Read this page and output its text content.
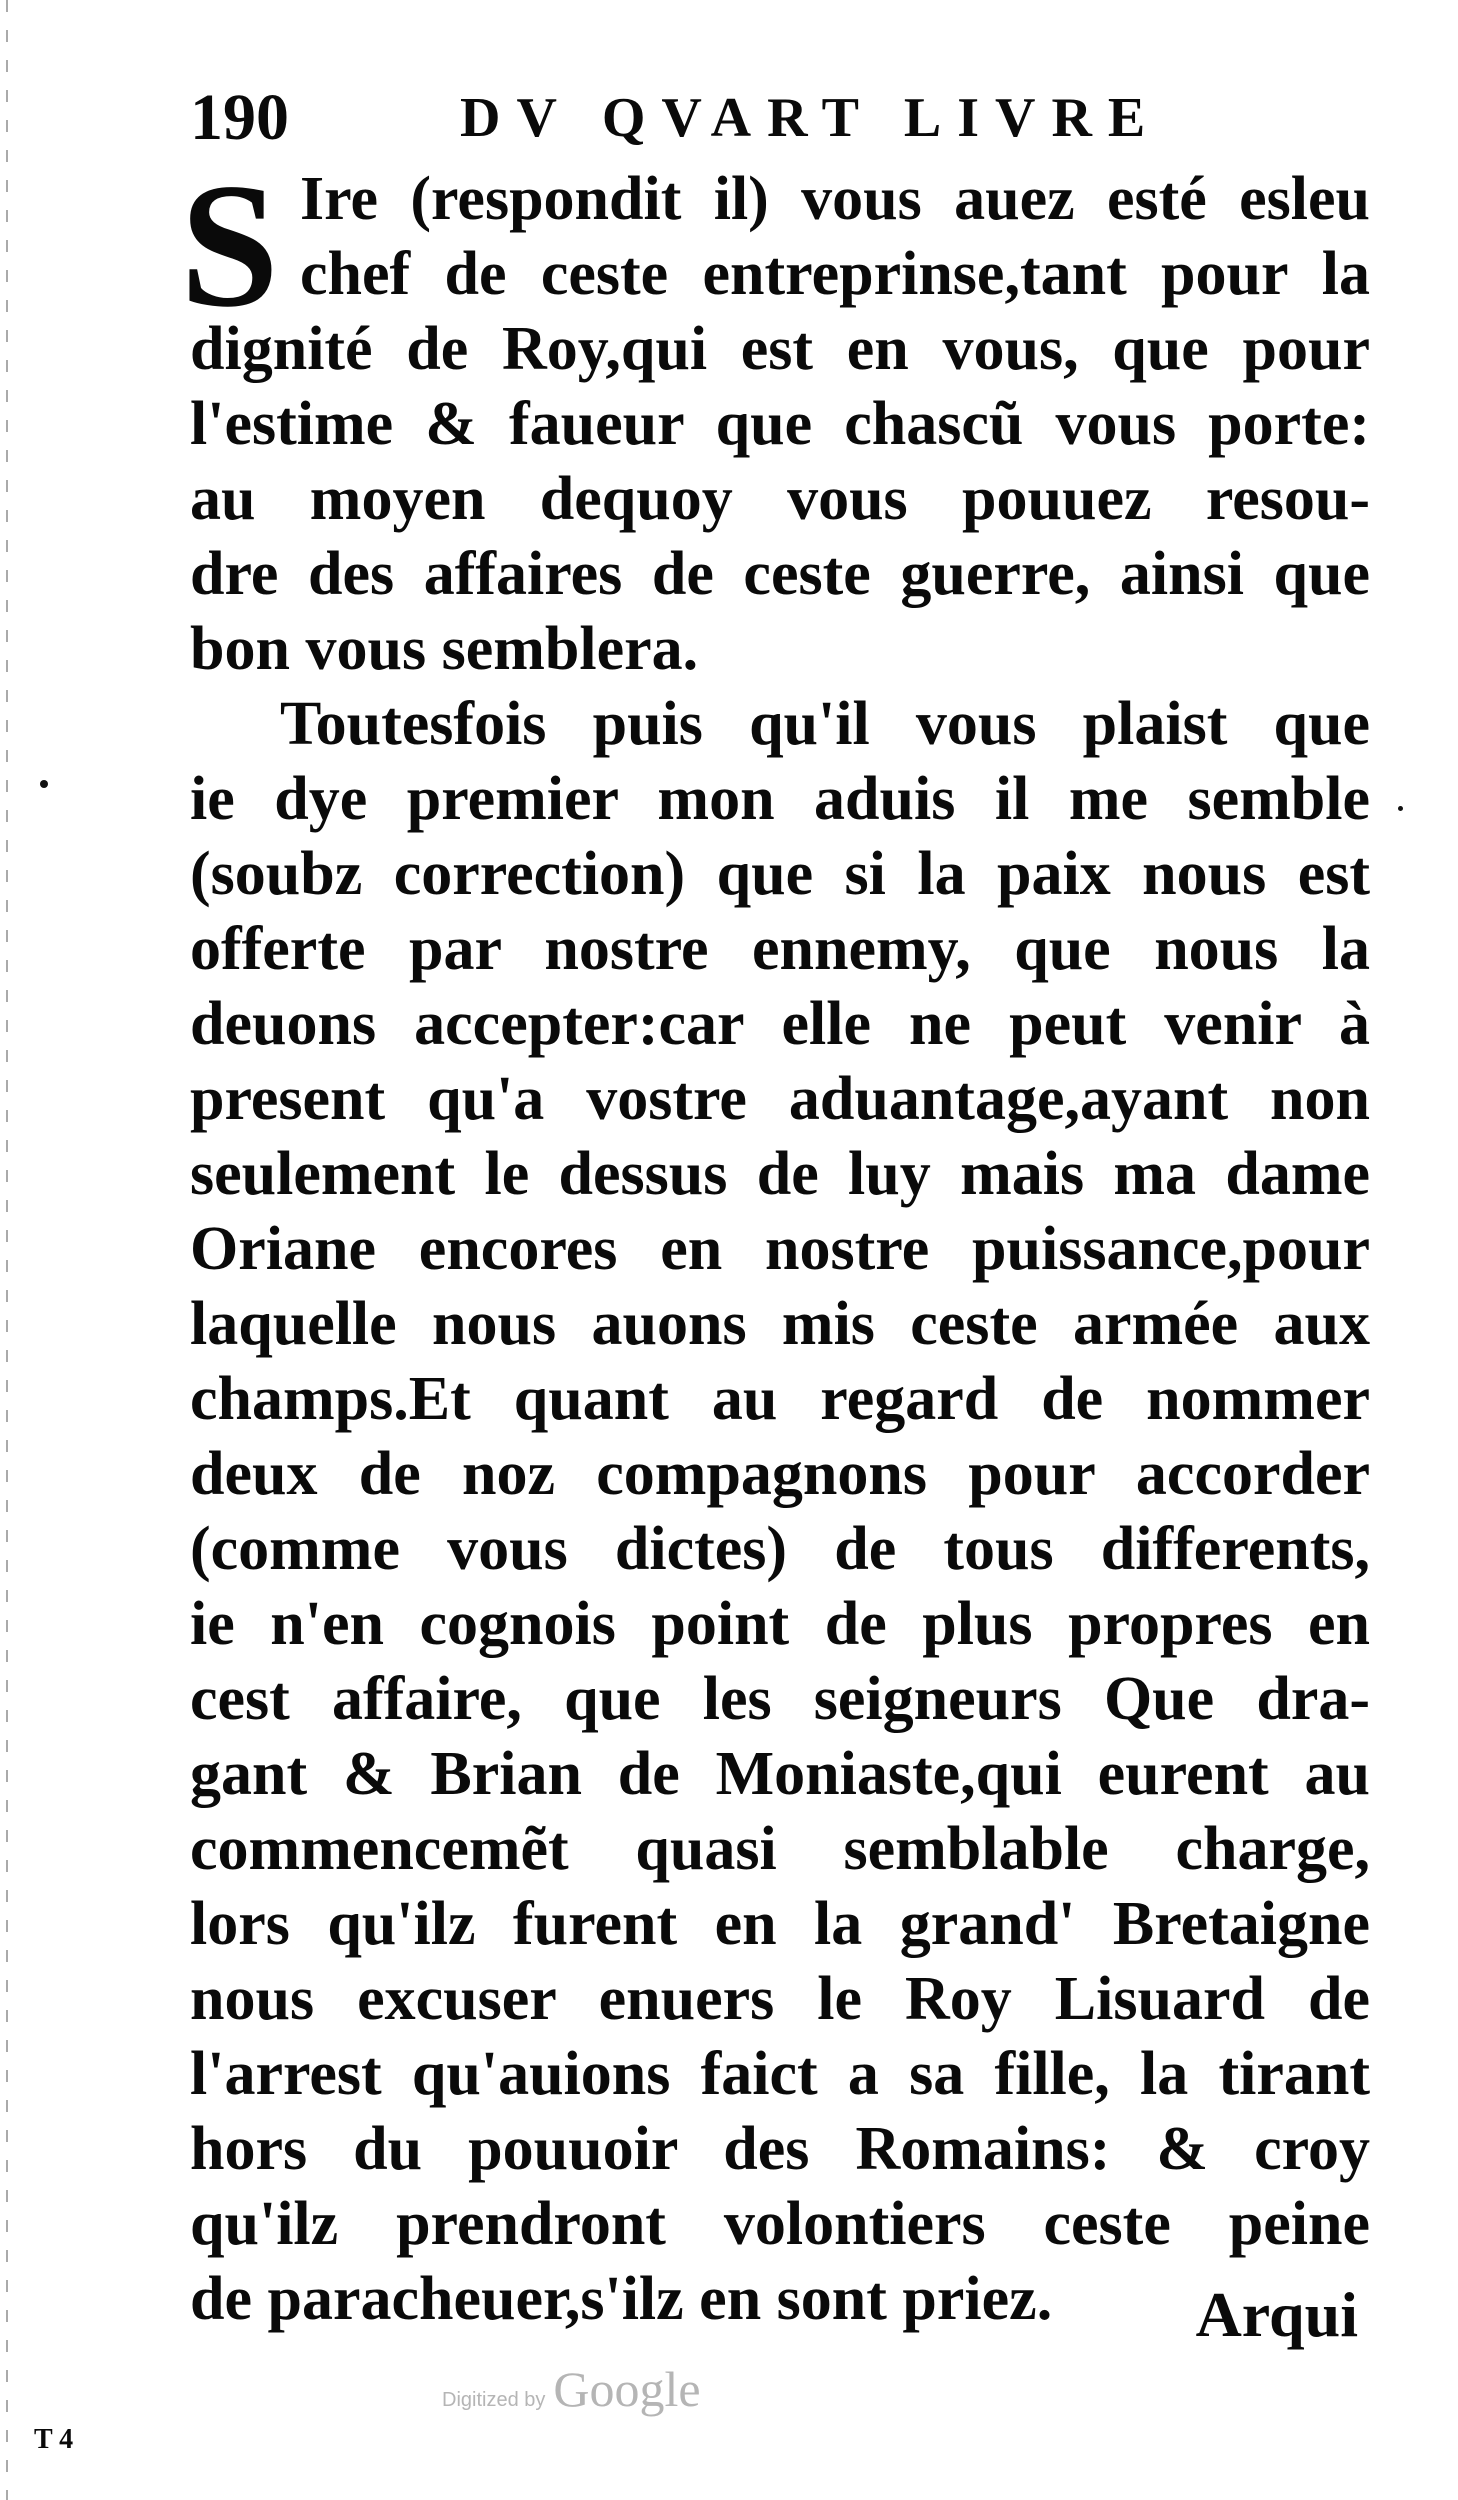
190	DV QVART LIVRE
S Ire (respondit il) vous auez esté esleu
chef de ceste entreprinse,tant pour la
dignité de Roy,qui est en vous, que pour
l'estime & faueur que chascũ vous porte:
au moyen dequoy vous pouuez resou-
dre des affaires de ceste guerre, ainsi que
bon vous semblera.
Toutesfois puis qu'il vous plaist que
ie dye premier mon aduis il me semble
(soubz correction) que si la paix nous est
offerte par nostre ennemy, que nous la
deuons accepter:car elle ne peut venir à
present qu'a vostre aduantage,ayant non
seulement le dessus de luy mais ma dame
Oriane encores en nostre puissance,pour
laquelle nous auons mis ceste armée aux
champs.Et quant au regard de nommer
deux de noz compagnons pour accorder
(comme vous dictes) de tous differents,
ie n'en cognois point de plus propres en
cest affaire, que les seigneurs Que dra-
gant & Brian de Moniaste,qui eurent au
commencemẽt quasi semblable charge,
lors qu'ilz furent en la grand' Bretaigne
nous excuser enuers le Roy Lisuard de
l'arrest qu'auions faict a sa fille, la tirant
hors du pouuoir des Romains: & croy
qu'ilz prendront volontiers ceste peine
de paracheuer,s'ilz en sont priez.	Arqui
Digitized by Google
T 4
